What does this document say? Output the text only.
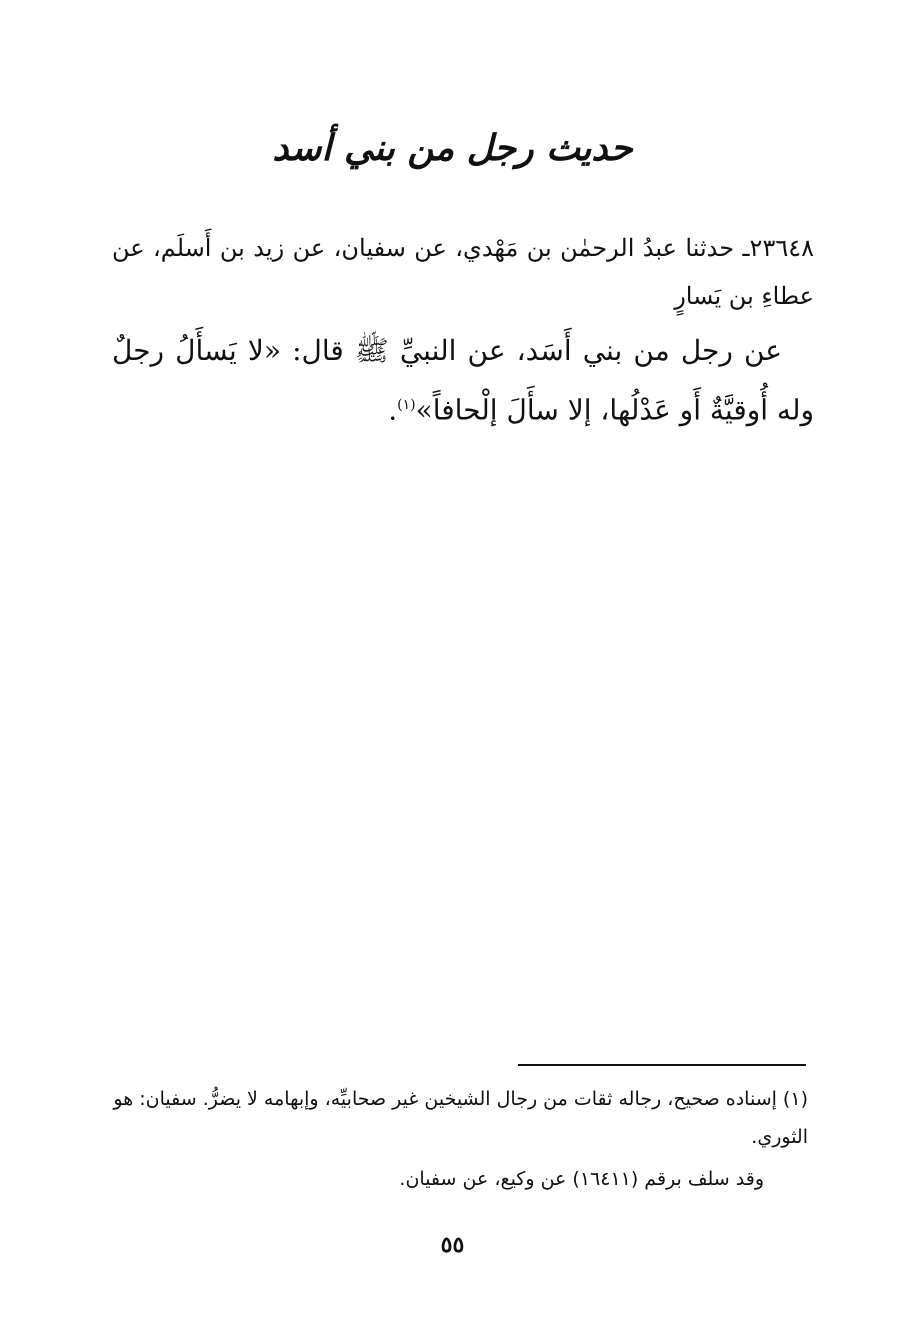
حديث رجل من بني أسد
٢٣٦٤٨ـ حدثنا عبدُ الرحمٰن بن مَهْدي، عن سفيان، عن زيد بن أَسلَم، عن عطاءِ بن يَسارٍ
عن رجل من بني أَسَد، عن النبيِّ ﷺ قال: «لا يَسأَلُ رجلٌ وله أُوقيَّةٌ أَو عَدْلُها، إلا سأَلَ إلْحافاً»$^{(١)}$.

(١) إسناده صحيح، رجاله ثقات من رجال الشيخين غير صحابيِّه، وإبهامه لا يضرُّ. سفيان: هو الثوري.

وقد سلف برقم (١٦٤١١) عن وكيع، عن سفيان.

٥٥
